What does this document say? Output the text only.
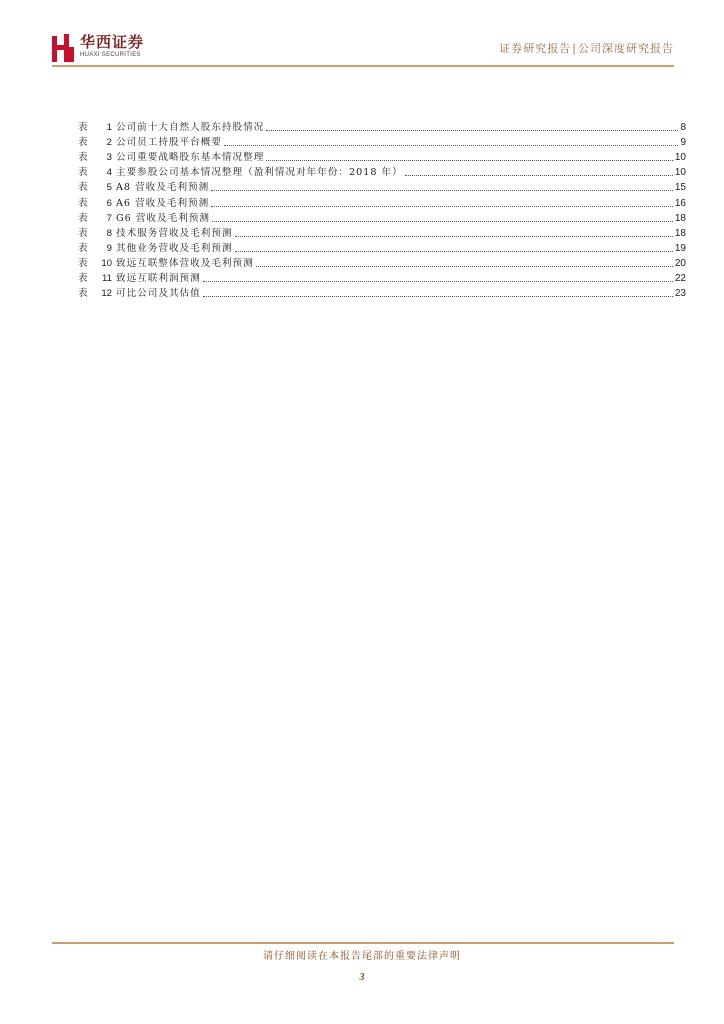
华西证券
HUAXI SECURITIES	证券研究报告|公司深度研究报告
表 1 公司前十大自然人股东持股情况	8
表 2 公司员工持股平台概要	9
表 3 公司重要战略股东基本情况整理	10
表 4 主要参股公司基本情况整理（盈利情况对年年份：2018 年）	10
表 5 A8 营收及毛利预测	15
表 6 A6 营收及毛利预测	16
表 7 G6 营收及毛利预测	18
表 8 技术服务营收及毛利预测	18
表 9 其他业务营收及毛利预测	19
表 10 致远互联整体营收及毛利预测	20
表 11 致远互联利润预测	22
表 12 可比公司及其估值	23
请仔细阅读在本报告尾部的重要法律声明
3
